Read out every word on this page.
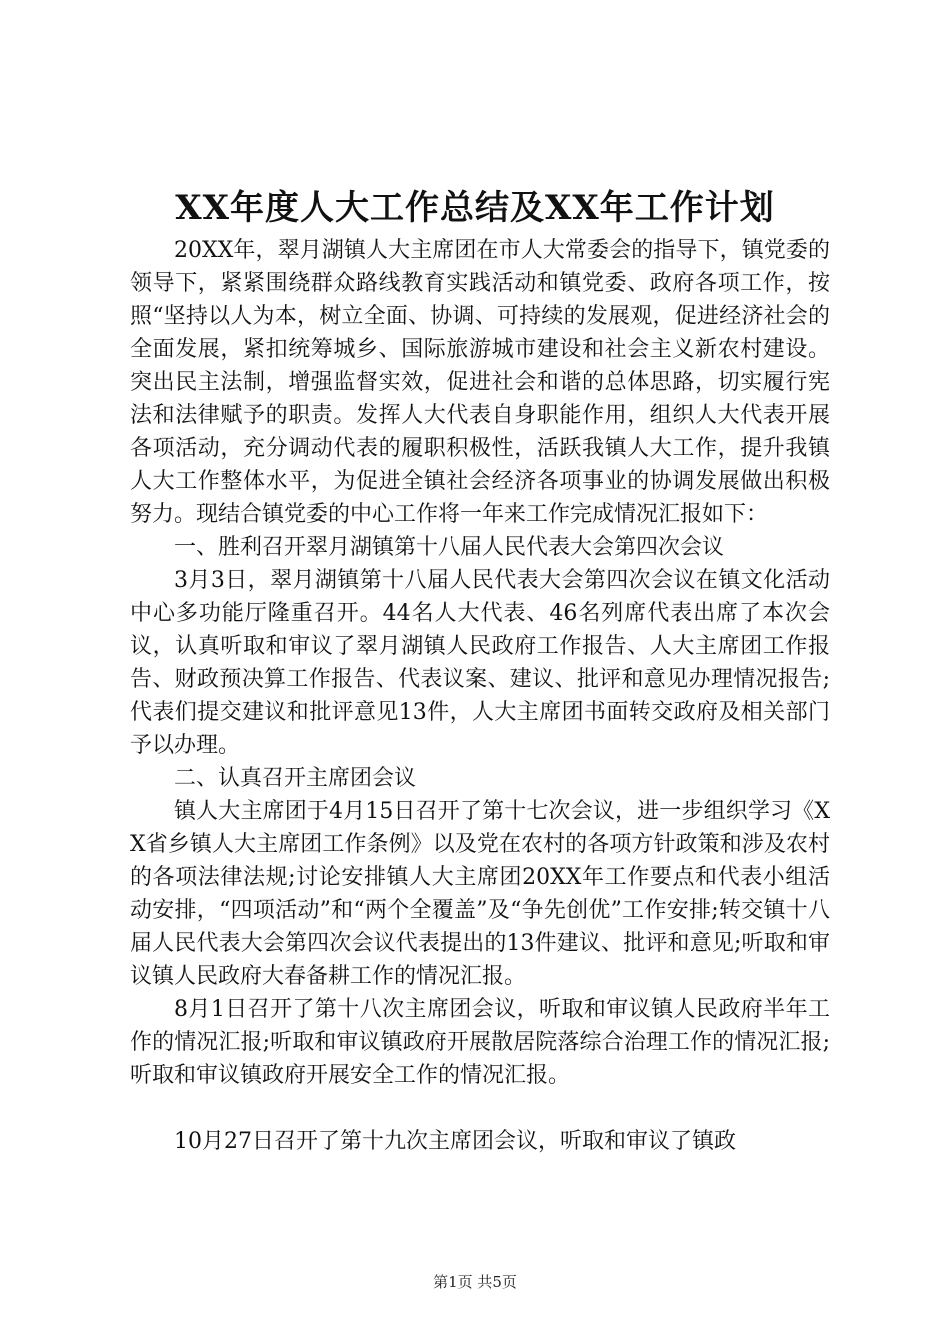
XX年度人大工作总结及XX年工作计划

20XX年，翠月湖镇人大主席团在市人大常委会的指导下，镇党委的领导下，紧紧围绕群众路线教育实践活动和镇党委、政府各项工作，按照“坚持以人为本，树立全面、协调、可持续的发展观，促进经济社会的全面发展，紧扣统筹城乡、国际旅游城市建设和社会主义新农村建设。突出民主法制，增强监督实效，促进社会和谐的总体思路，切实履行宪法和法律赋予的职责。发挥人大代表自身职能作用，组织人大代表开展各项活动，充分调动代表的履职积极性，活跃我镇人大工作，提升我镇人大工作整体水平，为促进全镇社会经济各项事业的协调发展做出积极努力。现结合镇党委的中心工作将一年来工作完成情况汇报如下：

一、胜利召开翠月湖镇第十八届人民代表大会第四次会议

3月3日，翠月湖镇第十八届人民代表大会第四次会议在镇文化活动中心多功能厅隆重召开。44名人大代表、46名列席代表出席了本次会议，认真听取和审议了翠月湖镇人民政府工作报告、人大主席团工作报告、财政预决算工作报告、代表议案、建议、批评和意见办理情况报告;代表们提交建议和批评意见13件，人大主席团书面转交政府及相关部门予以办理。

二、认真召开主席团会议

镇人大主席团于4月15日召开了第十七次会议，进一步组织学习《XX省乡镇人大主席团工作条例》以及党在农村的各项方针政策和涉及农村的各项法律法规;讨论安排镇人大主席团20XX年工作要点和代表小组活动安排，“四项活动”和“两个全覆盖”及“争先创优”工作安排;转交镇十八届人民代表大会第四次会议代表提出的13件建议、批评和意见;听取和审议镇人民政府大春备耕工作的情况汇报。

8月1日召开了第十八次主席团会议，听取和审议镇人民政府半年工作的情况汇报;听取和审议镇政府开展散居院落综合治理工作的情况汇报;听取和审议镇政府开展安全工作的情况汇报。

10月27日召开了第十九次主席团会议，听取和审议了镇政

第1页 共5页
